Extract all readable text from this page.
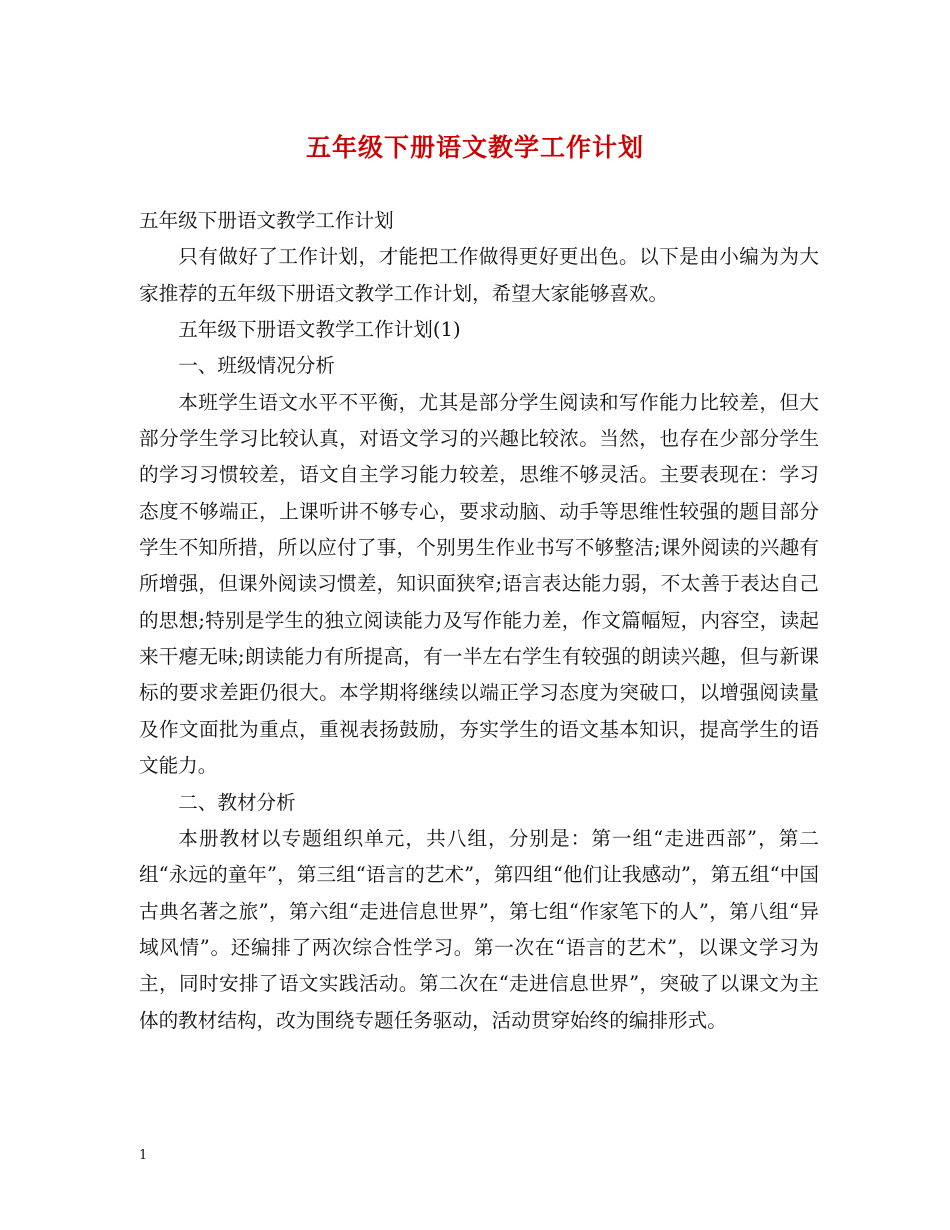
五年级下册语文教学工作计划

五年级下册语文教学工作计划

只有做好了工作计划，才能把工作做得更好更出色。以下是由小编为为大家推荐的五年级下册语文教学工作计划，希望大家能够喜欢。

五年级下册语文教学工作计划(1)

一、班级情况分析

本班学生语文水平不平衡，尤其是部分学生阅读和写作能力比较差，但大部分学生学习比较认真，对语文学习的兴趣比较浓。当然，也存在少部分学生的学习习惯较差，语文自主学习能力较差，思维不够灵活。主要表现在：学习态度不够端正，上课听讲不够专心，要求动脑、动手等思维性较强的题目部分学生不知所措，所以应付了事，个别男生作业书写不够整洁;课外阅读的兴趣有所增强，但课外阅读习惯差，知识面狭窄;语言表达能力弱，不太善于表达自己的思想;特别是学生的独立阅读能力及写作能力差，作文篇幅短，内容空，读起来干瘪无味;朗读能力有所提高，有一半左右学生有较强的朗读兴趣，但与新课标的要求差距仍很大。本学期将继续以端正学习态度为突破口，以增强阅读量及作文面批为重点，重视表扬鼓励，夯实学生的语文基本知识，提高学生的语文能力。

二、教材分析

本册教材以专题组织单元，共八组，分别是：第一组“走进西部”，第二组“永远的童年”，第三组“语言的艺术”，第四组“他们让我感动”，第五组“中国古典名著之旅”，第六组“走进信息世界”，第七组“作家笔下的人”，第八组“异域风情”。还编排了两次综合性学习。第一次在“语言的艺术”，以课文学习为主，同时安排了语文实践活动。第二次在“走进信息世界”，突破了以课文为主体的教材结构，改为围绕专题任务驱动，活动贯穿始终的编排形式。

1
